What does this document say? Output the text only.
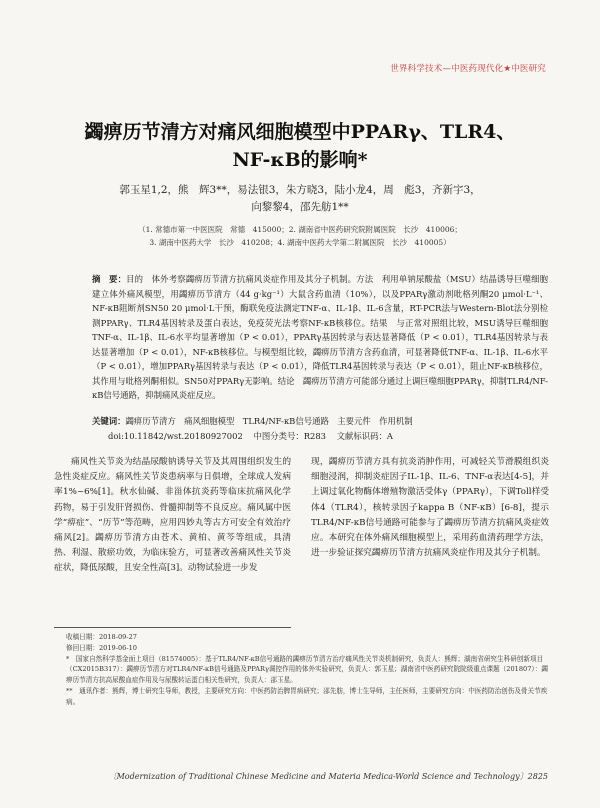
世界科学技术—中医药现代化★中医研究
蠲痹历节清方对痛风细胞模型中PPARγ、TLR4、
NF-κB的影响*
郭玉星1,2，熊　辉3**，易法银3，朱方晓3，陆小龙4，周　彪3，齐新宇3，
向黎黎4，邵先舫1**
（1. 常德市第一中医医院　常德　415000；2. 湖南省中医药研究院附属医院　长沙　410006；
3. 湖南中医药大学　长沙　410208；4. 湖南中医药大学第二附属医院　长沙　410005）
摘　要：目的　体外考察蠲痹历节清方抗痛风炎症作用及其分子机制。方法　利用单钠尿酸盐（MSU）结晶诱导巨噬细胞建立体外痛风模型，用蠲痹历节清方（44 g·kg⁻¹）大鼠含药血清（10%），以及PPARγ激动剂吡格列酮20 μmol·L⁻¹、NF-κB阻断剂SN50 20 μmol·L干预，酶联免疫法测定TNF-α、IL-1β、IL-6含量，RT-PCR法与Western-Blot法分别检测PPARγ、TLR4基因转录及蛋白表达，免疫荧光法考察NF-κB核移位。结果　与正常对照组比较，MSU诱导巨噬细胞TNF-α、IL-1β、IL-6水平均显著增加（P < 0.01），PPARγ基因转录与表达显著降低（P < 0.01），TLR4基因转录与表达显著增加（P < 0.01），NF-κB核移位。与模型组比较，蠲痹历节清方含药血清，可显著降低TNF-α、IL-1β、IL-6水平（P < 0.01），增加PPARγ基因转录与表达（P < 0.01），降低TLR4基因转录与表达（P < 0.01），阻止NF-κB核移位，其作用与吡格列酮相似。SN50对PPARγ无影响。结论　蠲痹历节清方可能部分通过上调巨噬细胞PPARγ，抑制TLR4/NF-κB信号通路，抑制痛风炎症反应。
关键词：蠲痹历节清方　痛风细胞模型　TLR4/NF-κB信号通路　主要元件　作用机制
doi:10.11842/wst.20180927002 中图分类号：R283 文献标识码：A
痛风性关节炎为结晶尿酸钠诱导关节及其周围组织发生的急性炎症反应。痛风性关节炎患病率与日俱增，全球成人发病率1%~6%[1]。秋水仙碱、非甾体抗炎药等临床抗痛风化学药物，易于引发肝肾损伤、骨髓抑制等不良反应。痛风属中医学“痹症”、“历节”等范畴，应用四妙丸等古方可安全有效治疗痛风[2]。蠲痹历节清方由苍术、黄柏、黄芩等组成，具清热、利湿、散瘀功效，为临床验方，可显著改善痛风性关节炎症状，降低尿酸，且安全性高[3]。动物试验进一步发
现，蠲痹历节清方具有抗炎消肿作用，可减轻关节滑膜组织炎细胞浸润，抑制炎症因子IL-1β、IL-6、TNF-α表达[4-5]，并上调过氧化物酶体增殖物激活受体γ（PPARγ），下调Toll样受体4（TLR4），核转录因子kappa B（NF-κB）[6-8]，提示TLR4/NF-κB信号通路可能参与了蠲痹历节清方抗痛风炎症效应。本研究在体外痛风细胞模型上，采用药血清药理学方法，进一步验证探究蠲痹历节清方抗痛风炎症作用及其分子机制。
收稿日期：2018-09-27
修回日期：2019-06-10
*　国家自然科学基金面上项目（81574005）：基于TLR4/NF-κB信号通路的蠲痹历节清方治疗痛风性关节炎机制研究，负责人：熊辉；湖南省研究生科研创新项目（CX2015B317）：蠲痹历节清方对TLR4/NF-κB信号通路及PPARγ调控作用的体外实验研究，负责人：郭玉星；湖南省中医药研究院院级重点课题（201807）：蠲痹历节清方抗高尿酸血症作用及与尿酸转运蛋白相关性研究，负责人：邵玉星。
**　通讯作者：熊辉，博士研究生导师，教授，主要研究方向：中医药防治脾胃病研究；邵先舫，博士生导师，主任医师，主要研究方向：中医药防治创伤及骨关节疾病。
〔Modernization of Traditional Chinese Medicine and Materia Medica-World Science and Technology〕2825
